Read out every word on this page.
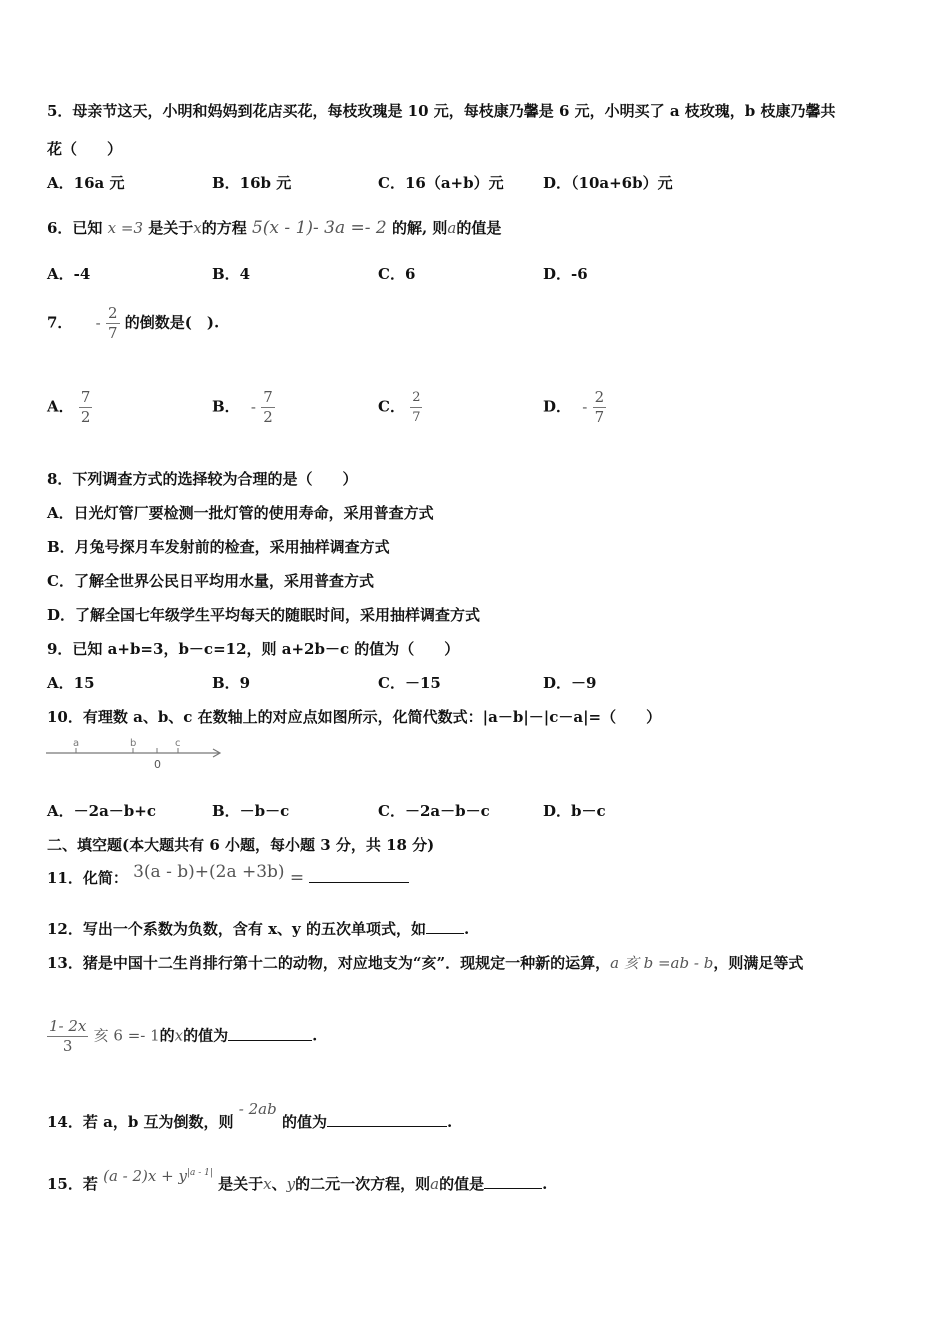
5．母亲节这天，小明和妈妈到花店买花，每枝玫瑰是 10 元，每枝康乃馨是 6 元，小明买了 a 枝玫瑰，b 枝康乃馨共
花（　　）
A．16a 元	B．16b 元	C．16（a+b）元	D．（10a+6b）元
6．已知 x =3 是关于x的方程 5(x - 1)- 3a =- 2 的解, 则a的值是
A．-4	B．4	C．6	D．-6
7． - $\frac{2}{7}$ 的倒数是(　).
A． $\frac{7}{2}$	B． - $\frac{7}{2}$	C． $\frac{2}{7}$	D． - $\frac{2}{7}$
8．下列调查方式的选择较为合理的是（　　）
A．日光灯管厂要检测一批灯管的使用寿命，采用普查方式
B．月兔号探月车发射前的检查，采用抽样调查方式
C．了解全世界公民日平均用水量，采用普查方式
D．了解全国七年级学生平均每天的随眠时间，采用抽样调查方式
9．已知 a+b=3，b－c=12，则 a+2b－c 的值为（　　）
A．15	B．9	C．－15	D．－9
10．有理数 a、b、c 在数轴上的对应点如图所示，化简代数式：|a－b|－|c－a|=（　　）
a	b	c
0
A．－2a－b+c	B．－b－c	C．－2a－b－c	D．b－c
二、填空题(本大题共有 6 小题，每小题 3 分，共 18 分)
11．化简： 3(a - b)+(2a +3b) =
12．写出一个系数为负数，含有 x、y 的五次单项式，如	.
13．猪是中国十二生肖排行第十二的动物，对应地支为“亥”．现规定一种新的运算，a 亥 b =ab - b，则满足等式
$\frac{1- 2x}{3}$ 亥 6 =- 1的x的值为	.
14．若 a，b 互为倒数，则 - 2ab 的值为	.
15．若 $(a - 2)x + y^{|a - 1|}$ 是关于x、y的二元一次方程，则a的值是	.
